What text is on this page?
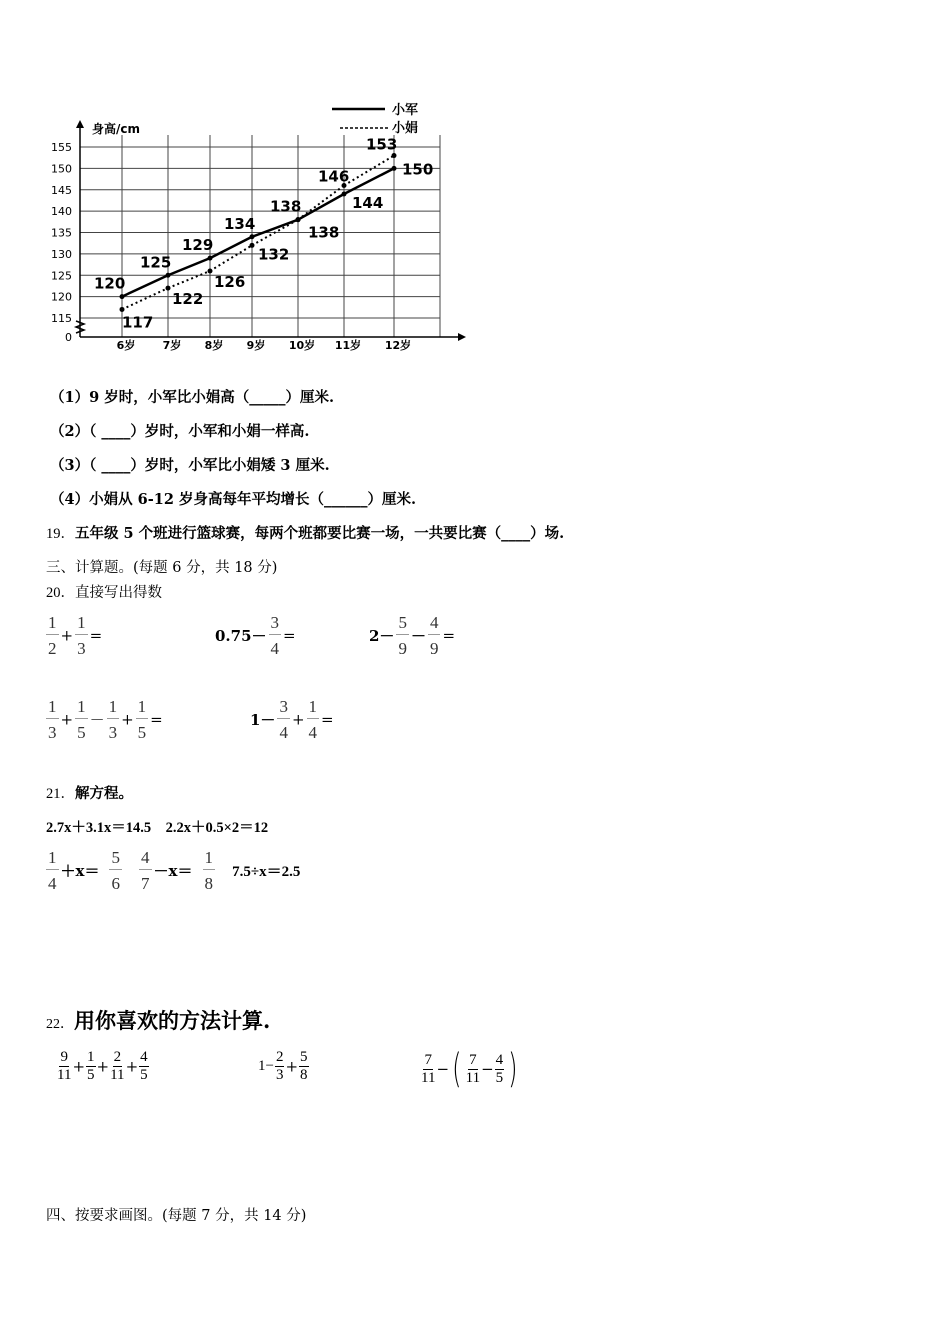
身高/cm
155
150
145
140
135
130
125
120
115
0
6岁 7岁 8岁 9岁 10岁 11岁 12岁
120
125
129
134
138	144
150
117
122
126
132
138
146
153
小军
小娟
（1）9 岁时，小军比小娟高（_____）厘米.
（2）（ ____）岁时，小军和小娟一样高.
（3）（ ____）岁时，小军比小娟矮 3 厘米.
（4）小娟从 6-12 岁身高每年平均增长（______）厘米.
19．五年级 5 个班进行篮球赛，每两个班都要比赛一场，一共要比赛（____）场.
三、计算题。(每题 6 分，共 18 分)
20．直接写出得数
$\frac{1}{2} + \frac{1}{3}$ =	$0.75- \frac{3}{4}$ =	$2- \frac{5}{9} - \frac{4}{9}$ =
$\frac{1}{3} + \frac{1}{5} - \frac{1}{3} + \frac{1}{5}$ =	$1- \frac{3}{4} + \frac{1}{4}$ =
21．解方程。
2.7x＋3.1x＝14.5　2.2x＋0.5×2＝12
$\frac{1}{4} +x= \frac{5}{6}$
$\frac{4}{7} -x= \frac{1}{8} 7.5\div x=2.5$
22．用你喜欢的方法计算.
$\frac{9}{11} + \frac{1}{5} + \frac{2}{11} + \frac{4}{5}$	$1- \frac{2}{3} + \frac{5}{8}$	$\frac{7}{11}$ −( $\frac{7}{11} - \frac{4}{5}$ )
四、按要求画图。(每题 7 分，共 14 分)
